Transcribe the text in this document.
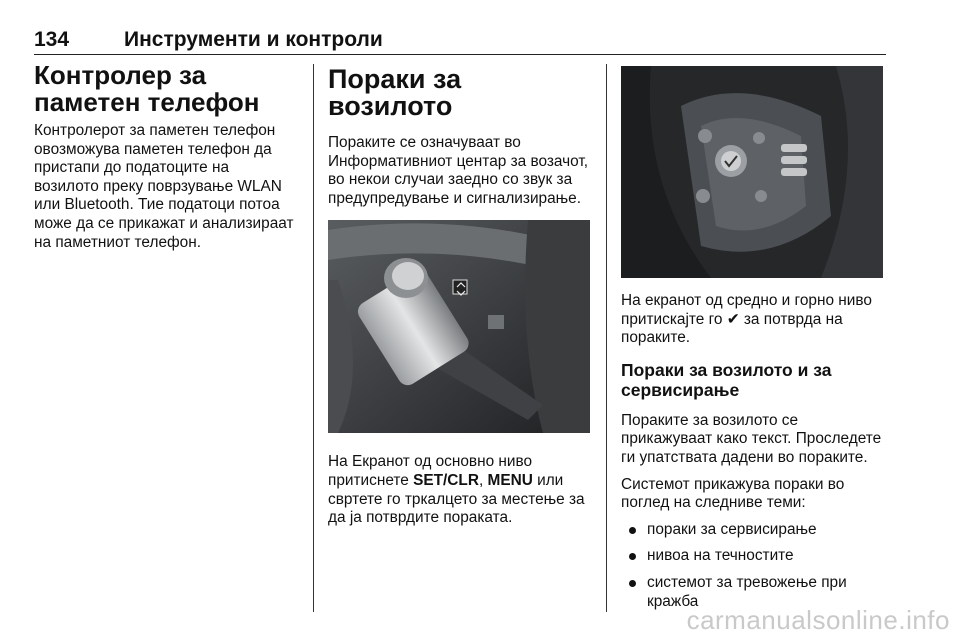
134	Инструменти и контроли
Контролер за паметен телефон

Контролерот за паметен телефон овозможува паметен телефон да пристапи до податоците на возилото преку поврзување WLAN или Bluetooth. Тие податоци потоа може да се прикажат и анализираат на паметниот телефон.

Пораки за возилото

Пораките се означуваат во Информативниот центар за возачот, во некои случаи заедно со звук за предупредување и сигнализирање.

На Екранот од основно ниво притиснете SET/CLR, MENU или свртете го тркалцето за местење за да ја потврдите пораката.

На екранот од средно и горно ниво притискајте го ✔ за потврда на пораките.

Пораки за возилото и за сервисирање

Пораките за возилото се прикажуваат како текст. Проследете ги упатствата дадени во пораките.

Системот прикажува пораки во поглед на следниве теми:

пораки за сервисирање
нивоа на течностите
системот за тревожење при кражба
carmanualsonline.info
